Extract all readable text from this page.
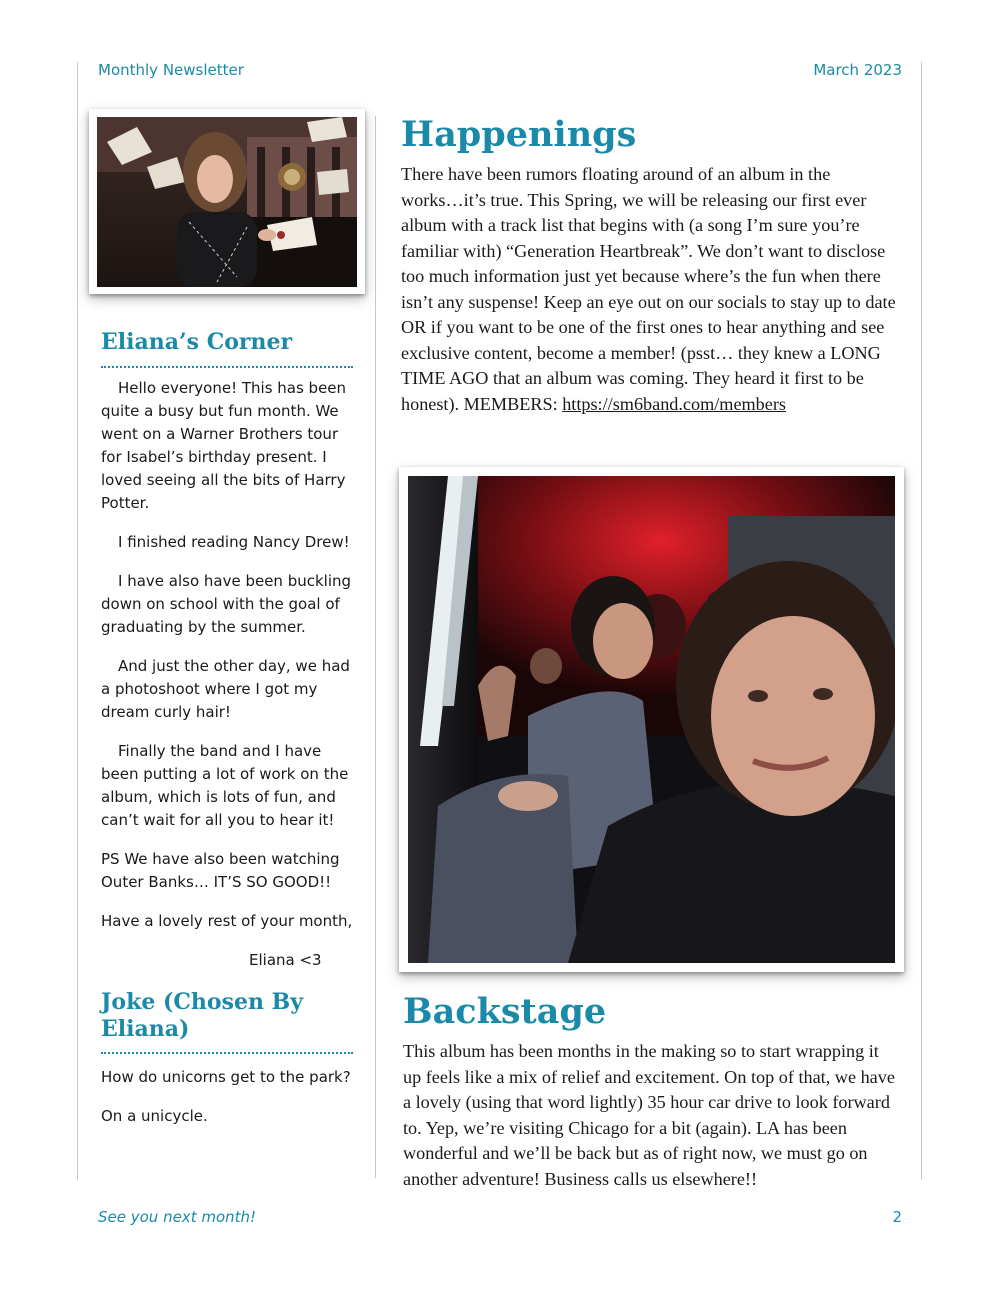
Monthly Newsletter	March 2023
Eliana’s Corner

Hello everyone! This has been quite a busy but fun month. We went on a Warner Brothers tour for Isabel’s birthday present. I loved seeing all the bits of Harry Potter.

I finished reading Nancy Drew!

I have also have been buckling down on school with the goal of graduating by the summer.

And just the other day, we had a photoshoot where I got my dream curly hair!

Finally the band and I have been putting a lot of work on the album, which is lots of fun, and can’t wait for all you to hear it!

PS We have also been watching Outer Banks… IT’S SO GOOD!!

Have a lovely rest of your month,

Eliana <3

Joke (Chosen By Eliana)

How do unicorns get to the park?

On a unicycle.

Happenings

There have been rumors floating around of an album in the works…it’s true. This Spring, we will be releasing our first ever album with a track list that begins with (a song I’m sure you’re familiar with) “Generation Heartbreak”. We don’t want to disclose too much information just yet because where’s the fun when there isn’t any suspense! Keep an eye out on our socials to stay up to date OR if you want to be one of the first ones to hear anything and see exclusive content, become a member! (psst… they knew a LONG TIME AGO that an album was coming. They heard it first to be honest). MEMBERS: https://sm6band.com/members

Backstage

This album has been months in the making so to start wrapping it up feels like a mix of relief and excitement. On top of that, we have a lovely (using that word lightly) 35 hour car drive to look forward to. Yep, we’re visiting Chicago for a bit (again). LA has been wonderful and we’ll be back but as of right now, we must go on another adventure! Business calls us elsewhere!!

See you next month!	2
